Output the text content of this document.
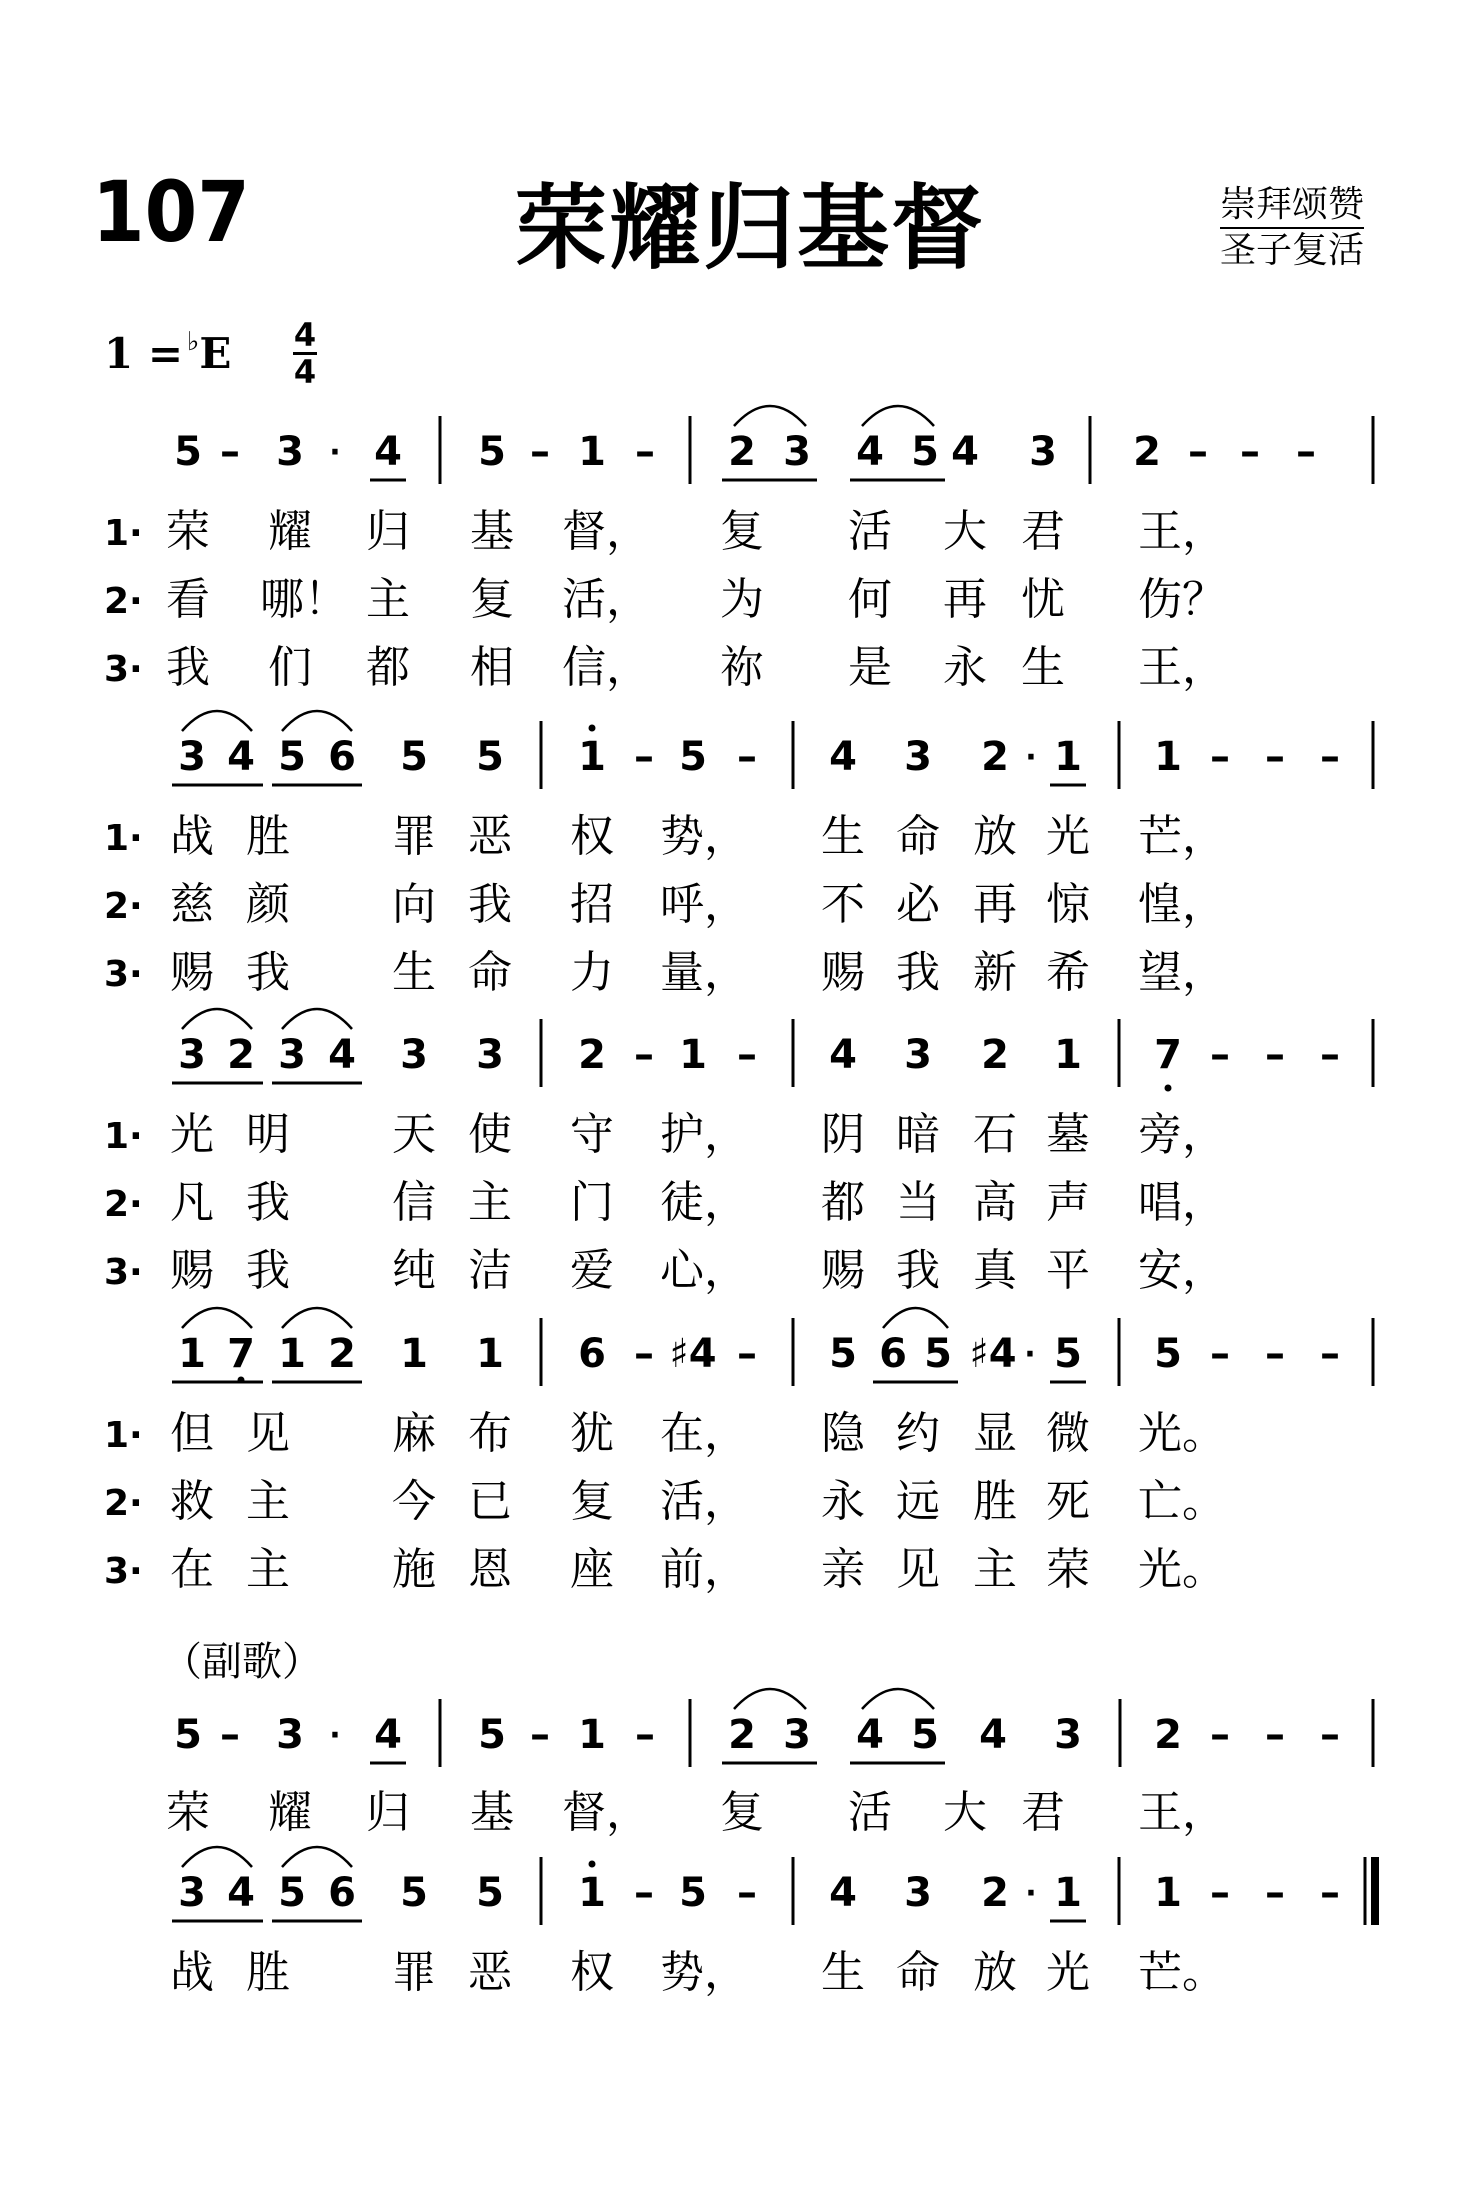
107	荣耀归基督	崇拜颂赞
圣子复活
1 = ♭E 4
4
（副歌）
5 – 3 · 4 5 – 1 – 2 3 4 5 4 3 2 – – –
1· 荣 耀 归 基 督， 复 活 大 君 王，
2· 看 哪！ 主 复 活， 为 何 再 忧 伤？
3· 我 们 都 相 信， 祢 是 永 生 王，
3 4 5 6 5 5 1 – 5 – 4 3 2 · 1 1 – – –
1· 战 胜 罪 恶 权 势， 生 命 放 光 芒，
2· 慈 颜 向 我 招 呼， 不 必 再 惊 惶，
3· 赐 我 生 命 力 量， 赐 我 新 希 望，
3 2 3 4 3 3 2 – 1 – 4 3 2 1 7 – – –
1· 光 明 天 使 守 护， 阴 暗 石 墓 旁，
2· 凡 我 信 主 门 徒， 都 当 高 声 唱，
3· 赐 我 纯 洁 爱 心， 赐 我 真 平 安，
1 7 1 2 1 1 6 – ♯4 – 5 6 5 ♯4 · 5 5 – – –
1· 但 见 麻 布 犹 在， 隐 约 显 微 光。
2· 救 主 今 已 复 活， 永 远 胜 死 亡。
3· 在 主 施 恩 座 前， 亲 见 主 荣 光。
5 – 3 · 4 5 – 1 – 2 3 4 5 4 3 2 – – –
荣 耀 归 基 督， 复 活 大 君 王，
3 4 5 6 5 5 1 – 5 – 4 3 2 · 1 1 – – –
战 胜 罪 恶 权 势， 生 命 放 光 芒。
